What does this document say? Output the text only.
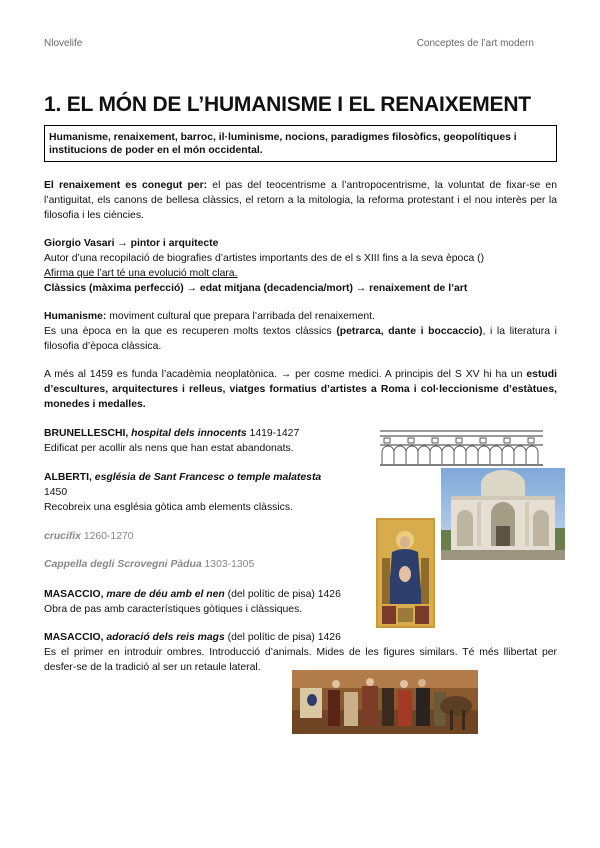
Nlovelife	Conceptes de l’art modern
1. EL MÓN DE L’HUMANISME I EL RENAIXEMENT
Humanisme, renaixement, barroc, il·luminisme, nocions, paradigmes filosòfics, geopolítiques i institucions de poder en el món occidental.

El renaixement es conegut per: el pas del teocentrisme a l’antropocentrisme, la voluntat de fixar-se en l’antiguitat, els canons de bellesa clàssics, el retorn a la mitologia, la reforma protestant i el nou interès per la filosofia i les ciències.

Giorgio Vasari → pintor i arquitecte

Autor d’una recopilació de biografies d’artistes importants des de el s XIII fins a la seva època ()

Afirma que l’art té una evolució molt clara.

Clàssics (màxima perfecció) → edat mitjana (decadencia/mort) → renaixement de l’art

Humanisme: moviment cultural que prepara l’arribada del renaixement.

Es una època en la que es recuperen molts textos clàssics (petrarca, dante i boccaccio), i la literatura i filosofia d’època clàssica.

A més al 1459 es funda l’acadèmia neoplatònica. → per cosme medici. A principis del S XV hi ha un estudi d’escultures, arquitectures i relleus, viatges formatius d’artistes a Roma i col·leccionisme d’estàtues, monedes i medalles.

BRUNELLESCHI, hospital dels innocents 1419-1427

Edificat per acollir als nens que han estat abandonats.

ALBERTI, església de Sant Francesc o temple malatesta

1450

Recobreix una església gòtica amb elements clàssics.

crucifix 1260-1270

Cappella degli Scrovegni Pàdua 1303-1305

MASACCIO, mare de déu amb el nen (del polític de pisa) 1426

Obra de pas amb característiques gòtiques i clàssiques.

MASACCIO, adoració dels reis mags (del polític de pisa) 1426

Es el primer en introduir ombres. Introducció d’animals. Mides de les figures similars. Té més llibertat per desfer-se de la tradició al ser un retaule lateral.
